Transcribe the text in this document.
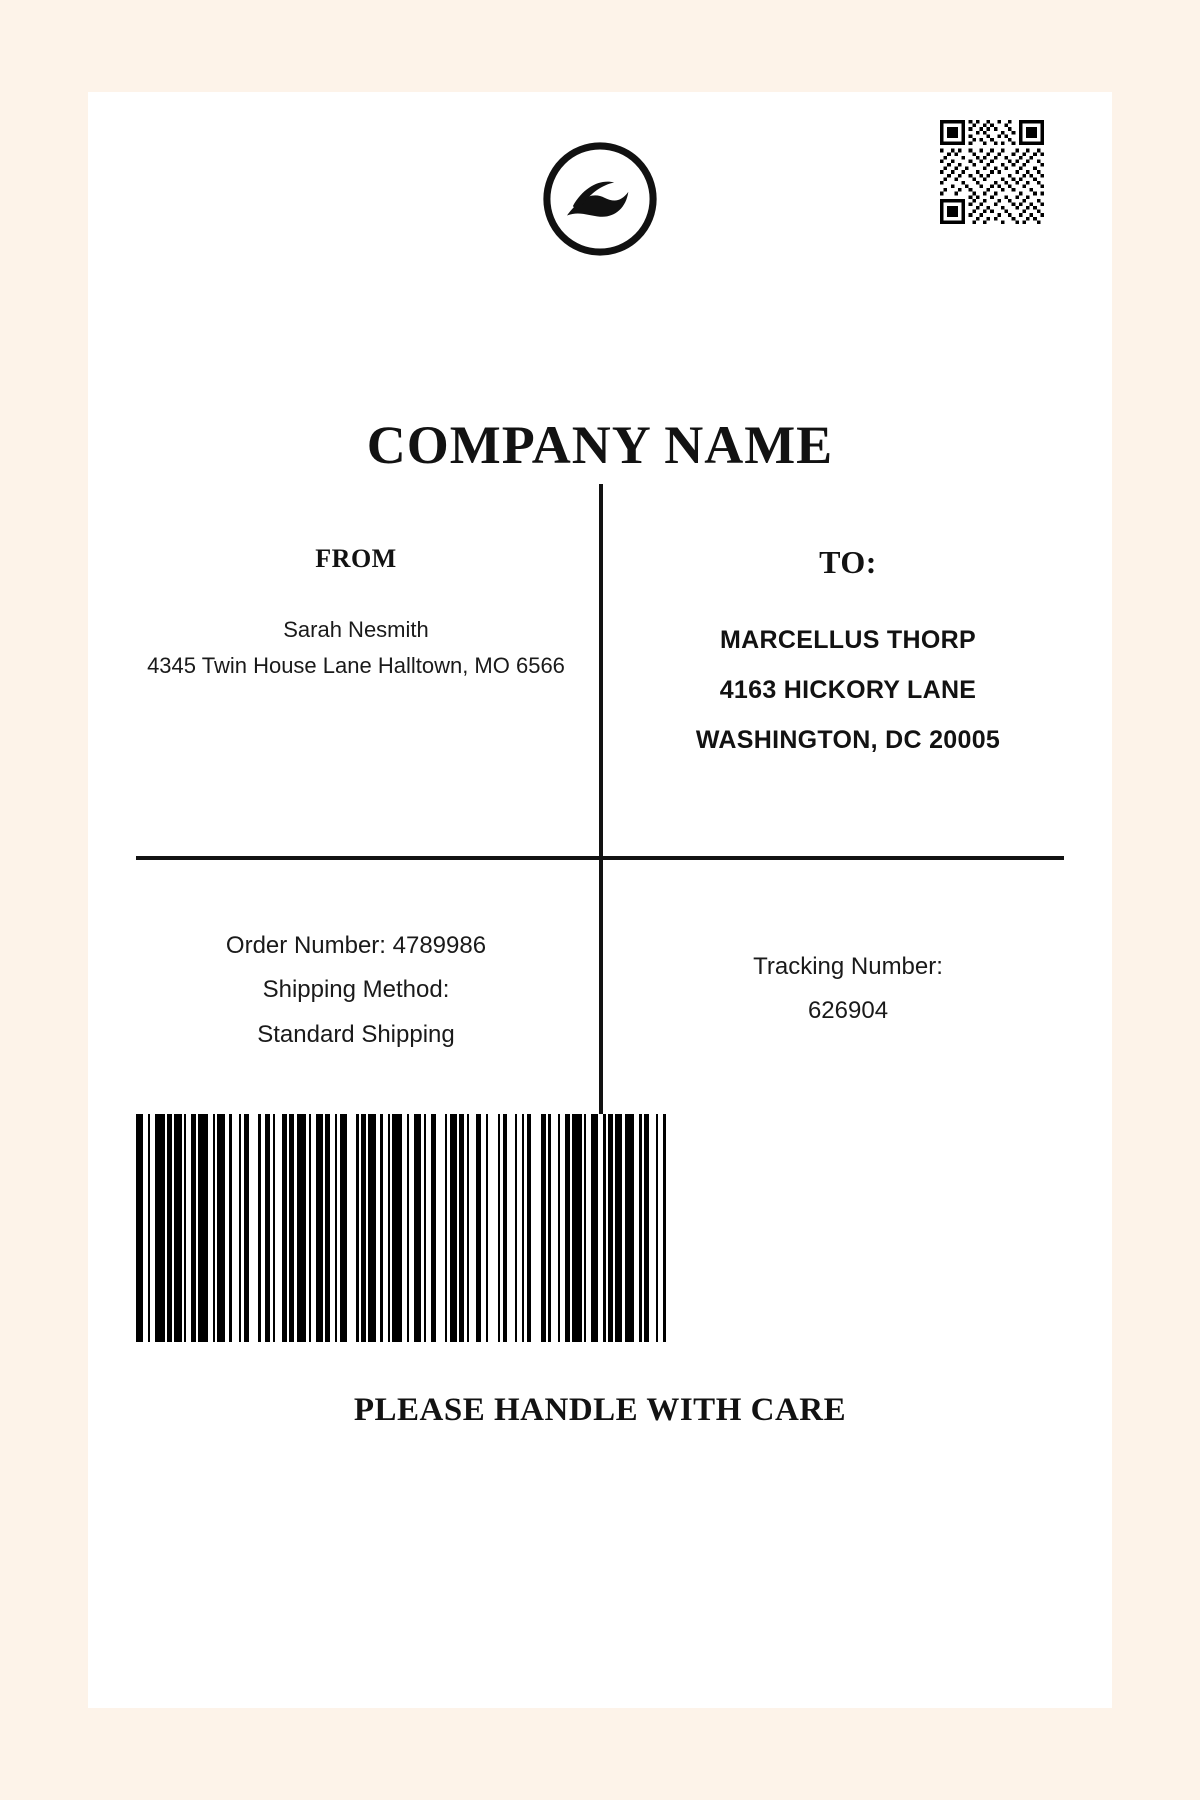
COMPANY NAME
FROM
Sarah Nesmith
4345 Twin House Lane Halltown, MO 6566
TO:
MARCELLUS THORP
4163 HICKORY LANE
WASHINGTON, DC 20005
Order Number: 4789986
Shipping Method:
Standard Shipping
Tracking Number:
626904
PLEASE HANDLE WITH CARE
